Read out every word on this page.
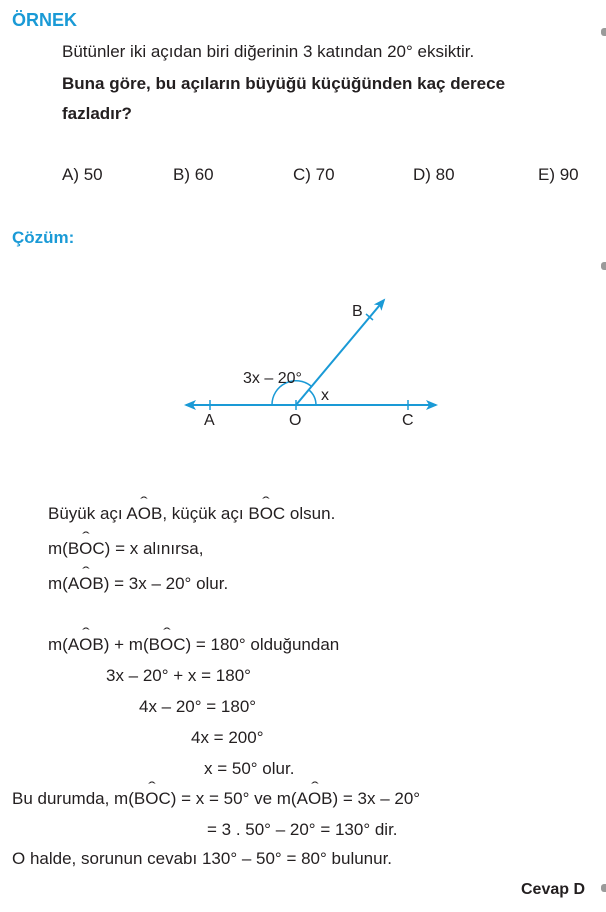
ÖRNEK
Bütünler iki açıdan biri diğerinin 3 katından 20° eksiktir.
Buna göre, bu açıların büyüğü küçüğünden kaç derece
fazladır?
A) 50	B) 60	C) 70	D) 80	E) 90
Çözüm:
A	O	C
B
3x – 20°
x
Büyük açı Aˆ OB, küçük açı Bˆ OC olsun.
m(Bˆ OC) = x alınırsa,
m(Aˆ OB) = 3x – 20° olur.
m(Aˆ OB) + m(Bˆ OC) = 180° olduğundan
3x – 20° + x = 180°
4x – 20° = 180°
4x = 200°
x = 50° olur.
Bu durumda, m(Bˆ OC) = x = 50° ve m(Aˆ OB) = 3x – 20°
= 3 . 50° – 20° = 130° dir.
O halde, sorunun cevabı 130° – 50° = 80° bulunur.
Cevap D
